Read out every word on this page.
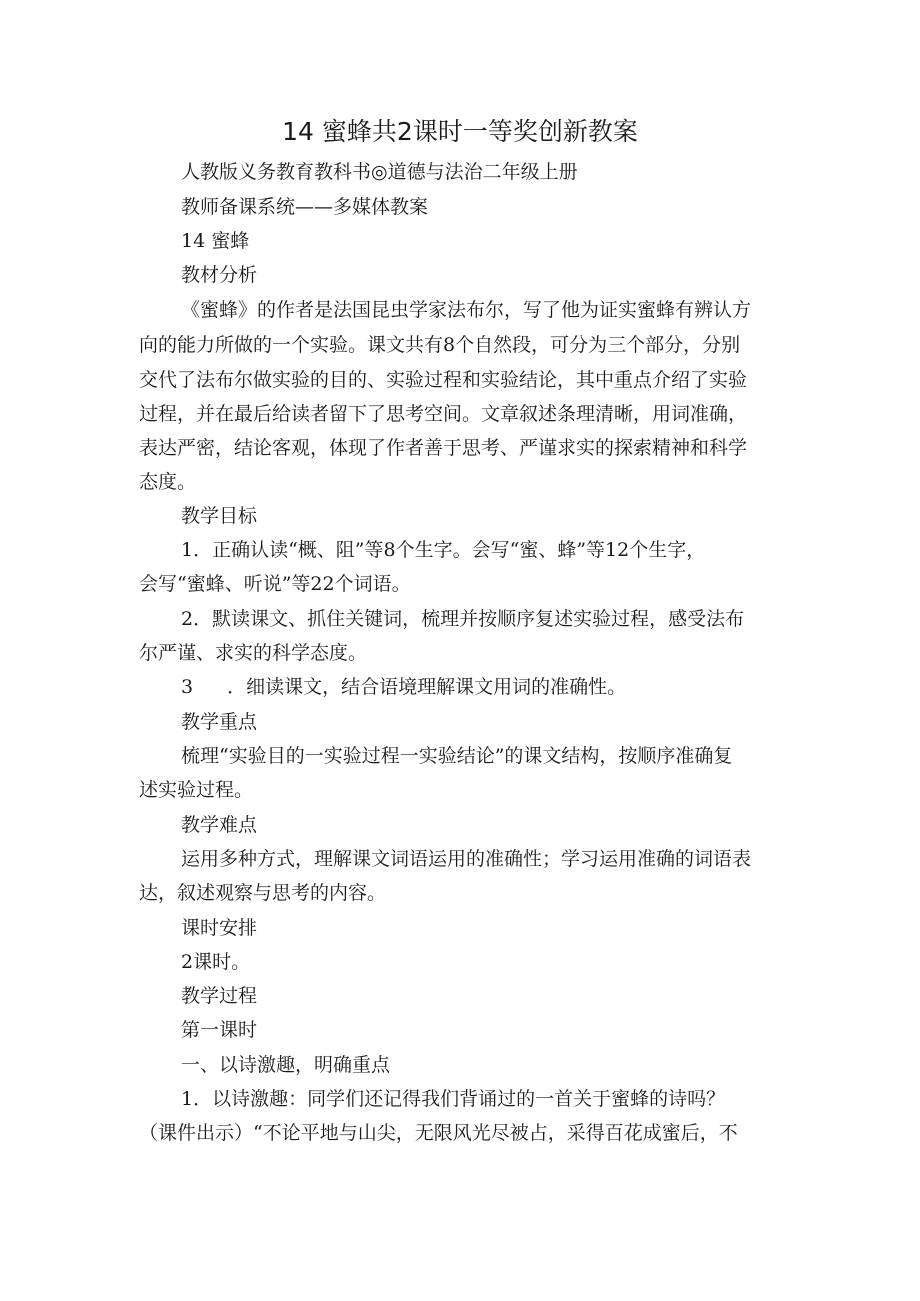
14 蜜蜂共2课时一等奖创新教案

人教版义务教育教科书◎道德与法治二年级上册

教师备课系统——多媒体教案

14 蜜蜂

教材分析

《蜜蜂》的作者是法国昆虫学家法布尔，写了他为证实蜜蜂有辨认方

向的能力所做的一个实验。课文共有8个自然段，可分为三个部分，分别

交代了法布尔做实验的目的、实验过程和实验结论，其中重点介绍了实验

过程，并在最后给读者留下了思考空间。文章叙述条理清晰，用词准确，

表达严密，结论客观，体现了作者善于思考、严谨求实的探索精神和科学

态度。

教学目标

1．正确认读“概、阻”等8个生字。会写“蜜、蜂”等12个生字，

会写“蜜蜂、听说”等22个词语。

2．默读课文、抓住关键词，梳理并按顺序复述实验过程，感受法布

尔严谨、求实的科学态度。

3 ．细读课文，结合语境理解课文用词的准确性。

教学重点

梳理“实验目的一实验过程一实验结论”的课文结构，按顺序准确复

述实验过程。

教学难点

运用多种方式，理解课文词语运用的准确性；学习运用准确的词语表

达，叙述观察与思考的内容。

课时安排

2课时。

教学过程

第一课时

一、以诗激趣，明确重点

1．以诗激趣：同学们还记得我们背诵过的一首关于蜜蜂的诗吗？

（课件出示）“不论平地与山尖，无限风光尽被占，采得百花成蜜后，不
